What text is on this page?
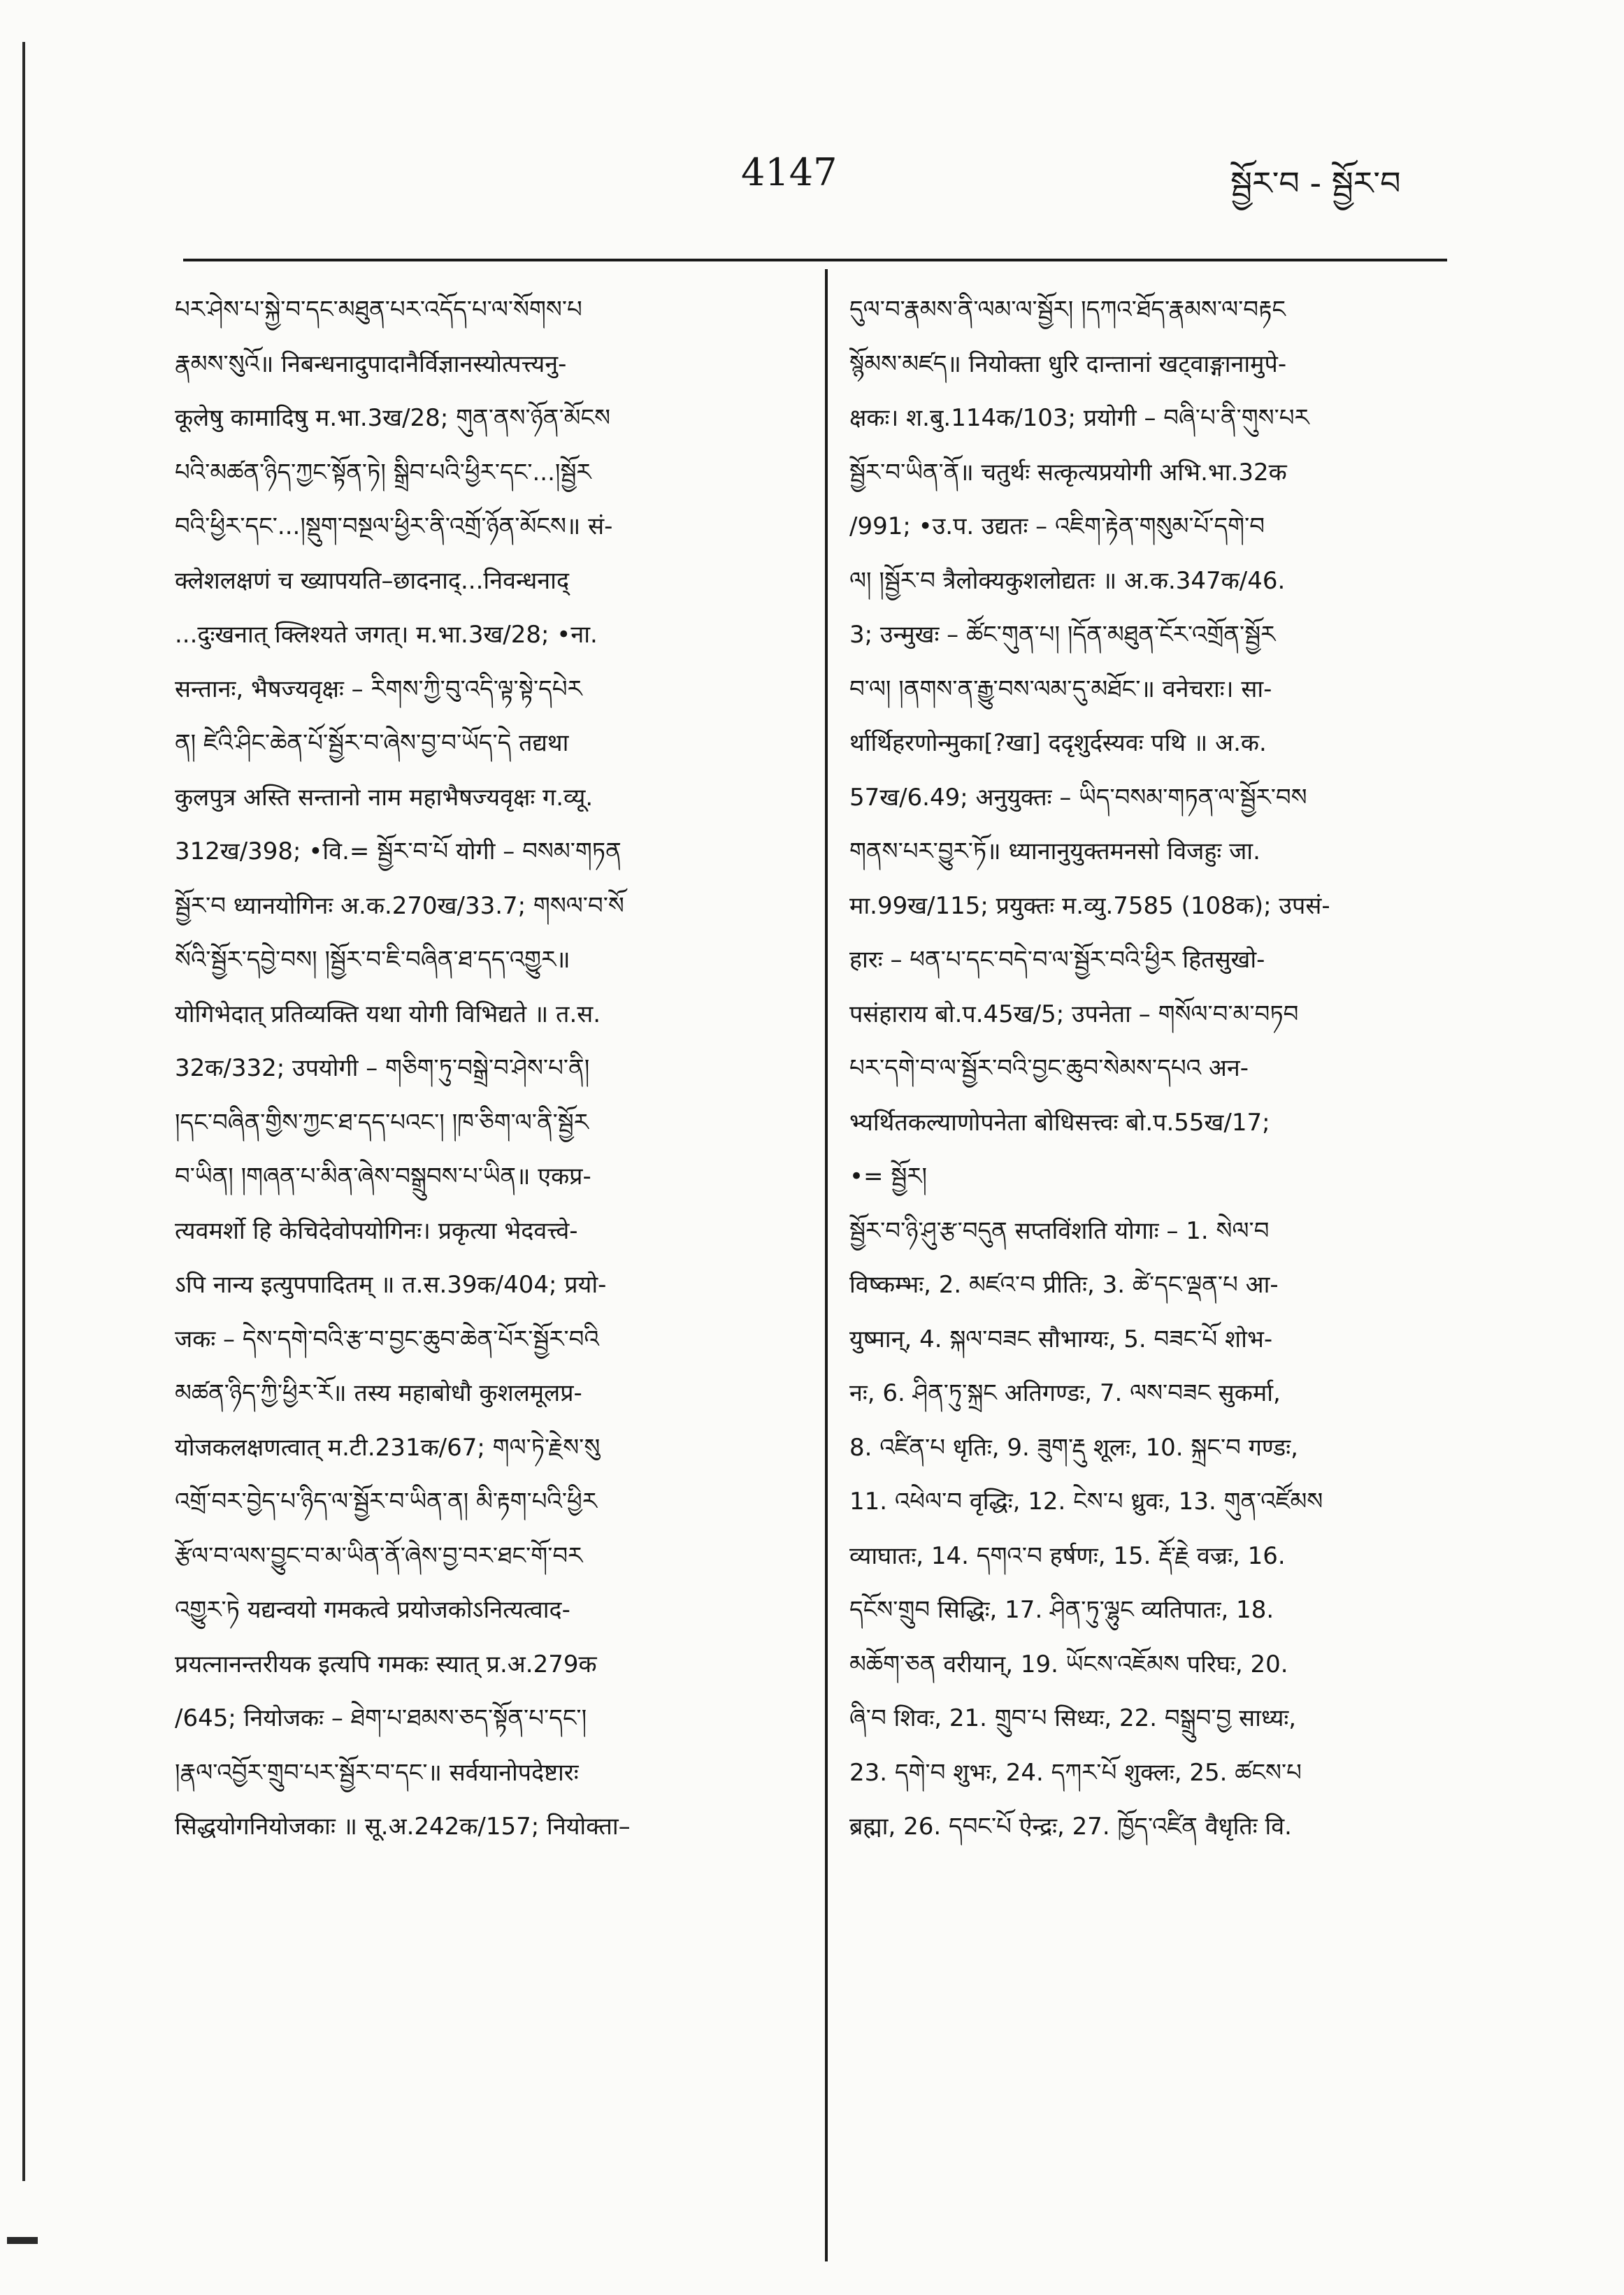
4147	སྦྱོར་བ - སྦྱོར་བ
པར་ཤེས་པ་སྐྱེ་བ་དང་མཐུན་པར་འདོད་པ་ལ་སོགས་པ
རྣམས་སུའོ॥ निबन्धनादुपादानैर्विज्ञानस्योत्पत्त्यनु-
कूलेषु कामादिषु म.भा.3ख/28; གུན་ནས་ཉོན་མོངས
པའི་མཚན་ཉིད་ཀྱང་སྟོན་ཏེ། སྒྲིབ་པའི་ཕྱིར་དང་...།སྦྱོར
བའི་ཕྱིར་དང་...།སྡུག་བསྔལ་ཕྱིར་ནི་འགྲོ་ཉོན་མོངས॥ सं-
क्लेशलक्षणं च ख्यापयति–छादनाद्...निवन्धनाद्
...दुःखनात् क्लिश्यते जगत्। म.भा.3ख/28; •ना.
सन्तानः, भैषज्यवृक्षः – རིགས་ཀྱི་བུ་འདི་ལྟ་སྟེ་དཔེར
ན། ཛེའི་ཤིང་ཆེན་པོ་སྦྱོར་བ་ཞེས་བྱ་བ་ཡོད་དེ तद्यथा
कुलपुत्र अस्ति सन्तानो नाम महाभैषज्यवृक्षः ग.व्यू.
312ख/398; •वि.= སྦྱོར་བ་པོ योगी – བསམ་གཏན
སྦྱོར་བ ध्यानयोगिनः अ.क.270ख/33.7; གསལ་བ་སོ
སོའི་སྦྱོར་དབྱེ་བས། །སྦྱོར་བ་ཇི་བཞིན་ཐ་དད་འགྱུར॥
योगिभेदात् प्रतिव्यक्ति यथा योगी विभिद्यते ॥ त.स.
32क/332; उपयोगी – གཅིག་ཏུ་བསྒྲེ་བ་ཤེས་པ་ནི།
།དང་བཞིན་གྱིས་ཀྱང་ཐ་དད་པའང་། །ཁ་ཅིག་ལ་ནི་སྦྱོར
བ་ཡིན། །གཞན་པ་མིན་ཞེས་བསྒྲུབས་པ་ཡིན॥ एकप्र-
त्यवमर्शो हि केचिदेवोपयोगिनः। प्रकृत्या भेदवत्त्वे-
ऽपि नान्य इत्युपपादितम् ॥ त.स.39क/404; प्रयो-
जकः – དེས་དགེ་བའི་རྩ་བ་བྱང་ཆུབ་ཆེན་པོར་སྦྱོར་བའི
མཚན་ཉིད་ཀྱི་ཕྱིར་རོ॥ तस्य महाबोधौ कुशलमूलप्र-
योजकलक्षणत्वात् म.टी.231क/67; གལ་ཏེ་རྗེས་སུ
འགྲོ་བར་བྱེད་པ་ཉིད་ལ་སྦྱོར་བ་ཡིན་ན། མི་རྟག་པའི་ཕྱིར
རྩོལ་བ་ལས་བྱུང་བ་མ་ཡིན་ནོ་ཞེས་བྱ་བར་ཐང་གོ་བར
འགྱུར་ཏེ यद्यन्वयो गमकत्वे प्रयोजकोऽनित्यत्वाद-
प्रयत्नानन्तरीयक इत्यपि गमकः स्यात् प्र.अ.279क
/645; नियोजकः – ཐེག་པ་ཐམས་ཅད་སྟོན་པ་དང་།
།རྣལ་འབྱོར་གྲུབ་པར་སྦྱོར་བ་དང་॥ सर्वयानोपदेष्टारः
सिद्धयोगनियोजकाः ॥ सू.अ.242क/157; नियोक्ता–
དུལ་བ་རྣམས་ནི་ལམ་ལ་སྦྱོར། །དཀའ་ཐོད་རྣམས་ལ་བརྟང
སྙོམས་མཛད॥ नियोक्ता धुरि दान्तानां खट्वाङ्गानामुपे-
क्षकः। श.बु.114क/103; प्रयोगी – བཞི་པ་ནི་གུས་པར
སྦྱོར་བ་ཡིན་ནོ॥ चतुर्थः सत्कृत्यप्रयोगी अभि.भा.32क
/991; •उ.प. उद्यतः – འཇིག་རྟེན་གསུམ་པོ་དགེ་བ
ལ། །སྦྱོར་བ त्रैलोक्यकुशलोद्यतः ॥ अ.क.347क/46.
3; उन्मुखः – ཚོང་གུན་པ། །དོན་མཐུན་ངོར་འགྲོན་སྦྱོར
བ་ལ། །ནགས་ན་རྒྱུ་བས་ལམ་དུ་མཐོང་॥ वनेचराः। सा-
र्थार्थिहरणोन्मुका[?खा] ददृशुर्दस्यवः पथि ॥ अ.क.
57ख/6.49; अनुयुक्तः – ཡིད་བསམ་གཏན་ལ་སྦྱོར་བས
གནས་པར་བྱུར་ཏོ॥ ध्यानानुयुक्तमनसो विजहुः जा.
मा.99ख/115; प्रयुक्तः म.व्यु.7585 (108क); उपसं-
हारः – ཕན་པ་དང་བདེ་བ་ལ་སྦྱོར་བའི་ཕྱིར हितसुखो-
पसंहाराय बो.प.45ख/5; उपनेता – གསོལ་བ་མ་བཏབ
པར་དགེ་བ་ལ་སྦྱོར་བའི་བྱང་ཆུབ་སེམས་དཔའ अन-
भ्यर्थितकल्याणोपनेता बोधिसत्त्वः बो.प.55ख/17;
•= སྦྱོར།
སྦྱོར་བ་ཉི་ཤུ་རྩ་བདུན सप्तविंशति योगाः – 1. སེལ་བ
विष्कम्भः, 2. མཛའ་བ प्रीतिः, 3. ཚེ་དང་ལྡན་པ आ-
युष्मान्, 4. སྐལ་བཟང सौभाग्यः, 5. བཟང་པོ शोभ-
नः, 6. ཤིན་ཏུ་སྐྲང अतिगण्डः, 7. ལས་བཟང सुकर्मा,
8. འཛིན་པ धृतिः, 9. ཟུག་རྡུ शूलः, 10. སྐྲང་བ गण्डः,
11. འཕེལ་བ वृद्धिः, 12. ངེས་པ ध्रुवः, 13. གུན་འཛོམས
व्याघातः, 14. དགའ་བ हर्षणः, 15. རྡོ་རྗེ वज्रः, 16.
དངོས་གྲུབ सिद्धिः, 17. ཤིན་ཏུ་ལྷུང व्यतिपातः, 18.
མཆོག་ཅན वरीयान्, 19. ཡོངས་འཇོམས परिघः, 20.
ཞི་བ शिवः, 21. གྲུབ་པ सिध्यः, 22. བསྒྲུབ་བྱ साध्यः,
23. དགེ་བ शुभः, 24. དཀར་པོ शुक्लः, 25. ཚངས་པ
ब्रह्मा, 26. དབང་པོ ऐन्द्रः, 27. ཁྱོད་འཛིན वैधृतिः वि.
